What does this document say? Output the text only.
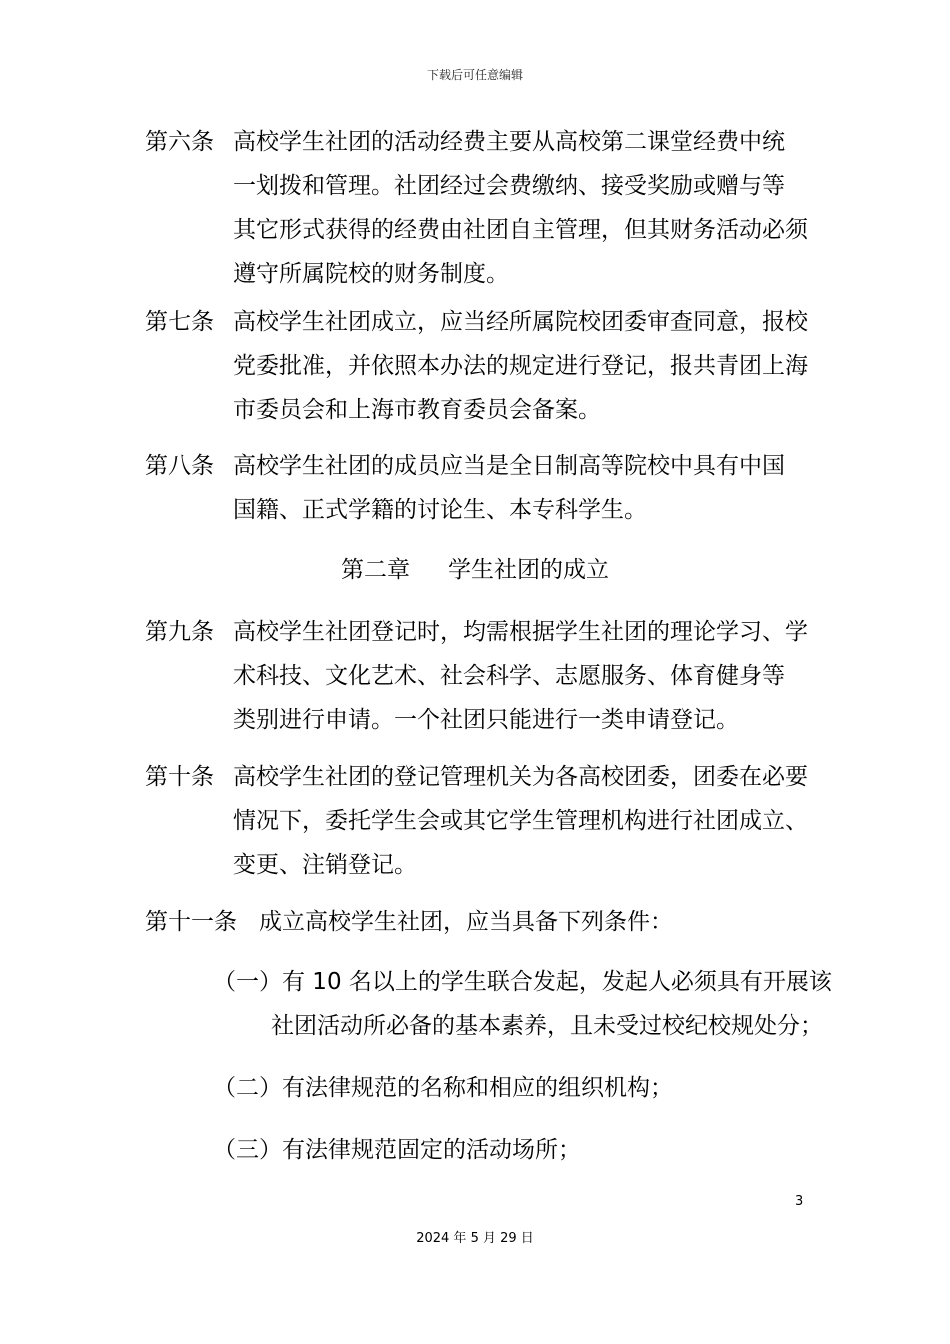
下载后可任意编辑
第六条 高校学生社团的活动经费主要从高校第二课堂经费中统
一划拨和管理。社团经过会费缴纳、接受奖励或赠与等
其它形式获得的经费由社团自主管理，但其财务活动必须
遵守所属院校的财务制度。
第七条 高校学生社团成立，应当经所属院校团委审查同意，报校
党委批准，并依照本办法的规定进行登记，报共青团上海
市委员会和上海市教育委员会备案。
第八条 高校学生社团的成员应当是全日制高等院校中具有中国
国籍、正式学籍的讨论生、本专科学生。
第二章 学生社团的成立
第九条 高校学生社团登记时，均需根据学生社团的理论学习、学
术科技、文化艺术、社会科学、志愿服务、体育健身等
类别进行申请。一个社团只能进行一类申请登记。
第十条 高校学生社团的登记管理机关为各高校团委，团委在必要
情况下，委托学生会或其它学生管理机构进行社团成立、
变更、注销登记。
第十一条 成立高校学生社团，应当具备下列条件：
（一）有 10 名以上的学生联合发起，发起人必须具有开展该
社团活动所必备的基本素养，且未受过校纪校规处分；
（二）有法律规范的名称和相应的组织机构；
（三）有法律规范固定的活动场所；
3
2024 年 5 月 29 日
